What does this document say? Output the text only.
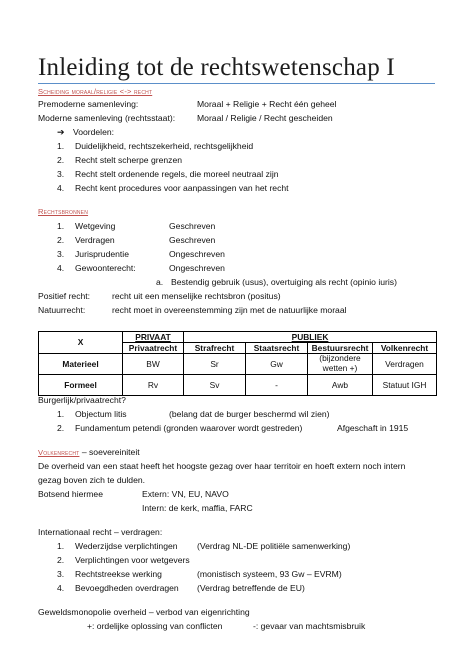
Inleiding tot de rechtswetenschap I
Scheiding moraal/religie <-> recht
Premoderne samenleving:	Moraal + Religie + Recht één geheel
Moderne samenleving (rechtsstaat):	Moraal / Religie / Recht gescheiden
➔ Voordelen:
1. Duidelijkheid, rechtszekerheid, rechtsgelijkheid
2. Recht stelt scherpe grenzen
3. Recht stelt ordenende regels, die moreel neutraal zijn
4. Recht kent procedures voor aanpassingen van het recht
Rechtsbronnen
1. Wetgeving	Geschreven
2. Verdragen	Geschreven
3. Jurisprudentie	Ongeschreven
4. Gewoonterecht:	Ongeschreven
a. Bestendig gebruik (usus), overtuiging als recht (opinio iuris)
Positief recht:	recht uit een menselijke rechtsbron (positus)
Natuurrecht:	recht moet in overeenstemming zijn met de natuurlijke moraal
X	PRIVAAT	PUBLIEK			
	Privaatrecht	Strafrecht	Staatsrecht	Bestuursrecht	Volkenrecht
Materieel	BW	Sr	Gw	(bijzondere wetten +)	Verdragen
Formeel	Rv	Sv	-	Awb	Statuut IGH
Burgerlijk/privaatrecht?
1. Objectum litis	(belang dat de burger beschermd wil zien)
2. Fundamentum petendi (gronden waarover wordt gestreden)	Afgeschaft in 1915
Volkenrecht – soevereiniteit
De overheid van een staat heeft het hoogste gezag over haar territoir en hoeft extern noch intern
gezag boven zich te dulden.
Botsend hiermee	Extern: VN, EU, NAVO
Intern: de kerk, maffia, FARC
Internationaal recht – verdragen:
1. Wederzijdse verplichtingen (Verdrag NL-DE politiële samenwerking)
2. Verplichtingen voor wetgevers
3. Rechtstreekse werking	(monistisch systeem, 93 Gw – EVRM)
4. Bevoegdheden overdragen (Verdrag betreffende de EU)
Geweldsmonopolie overheid – verbod van eigenrichting
+: ordelijke oplossing van conflicten	-: gevaar van machtsmisbruik
